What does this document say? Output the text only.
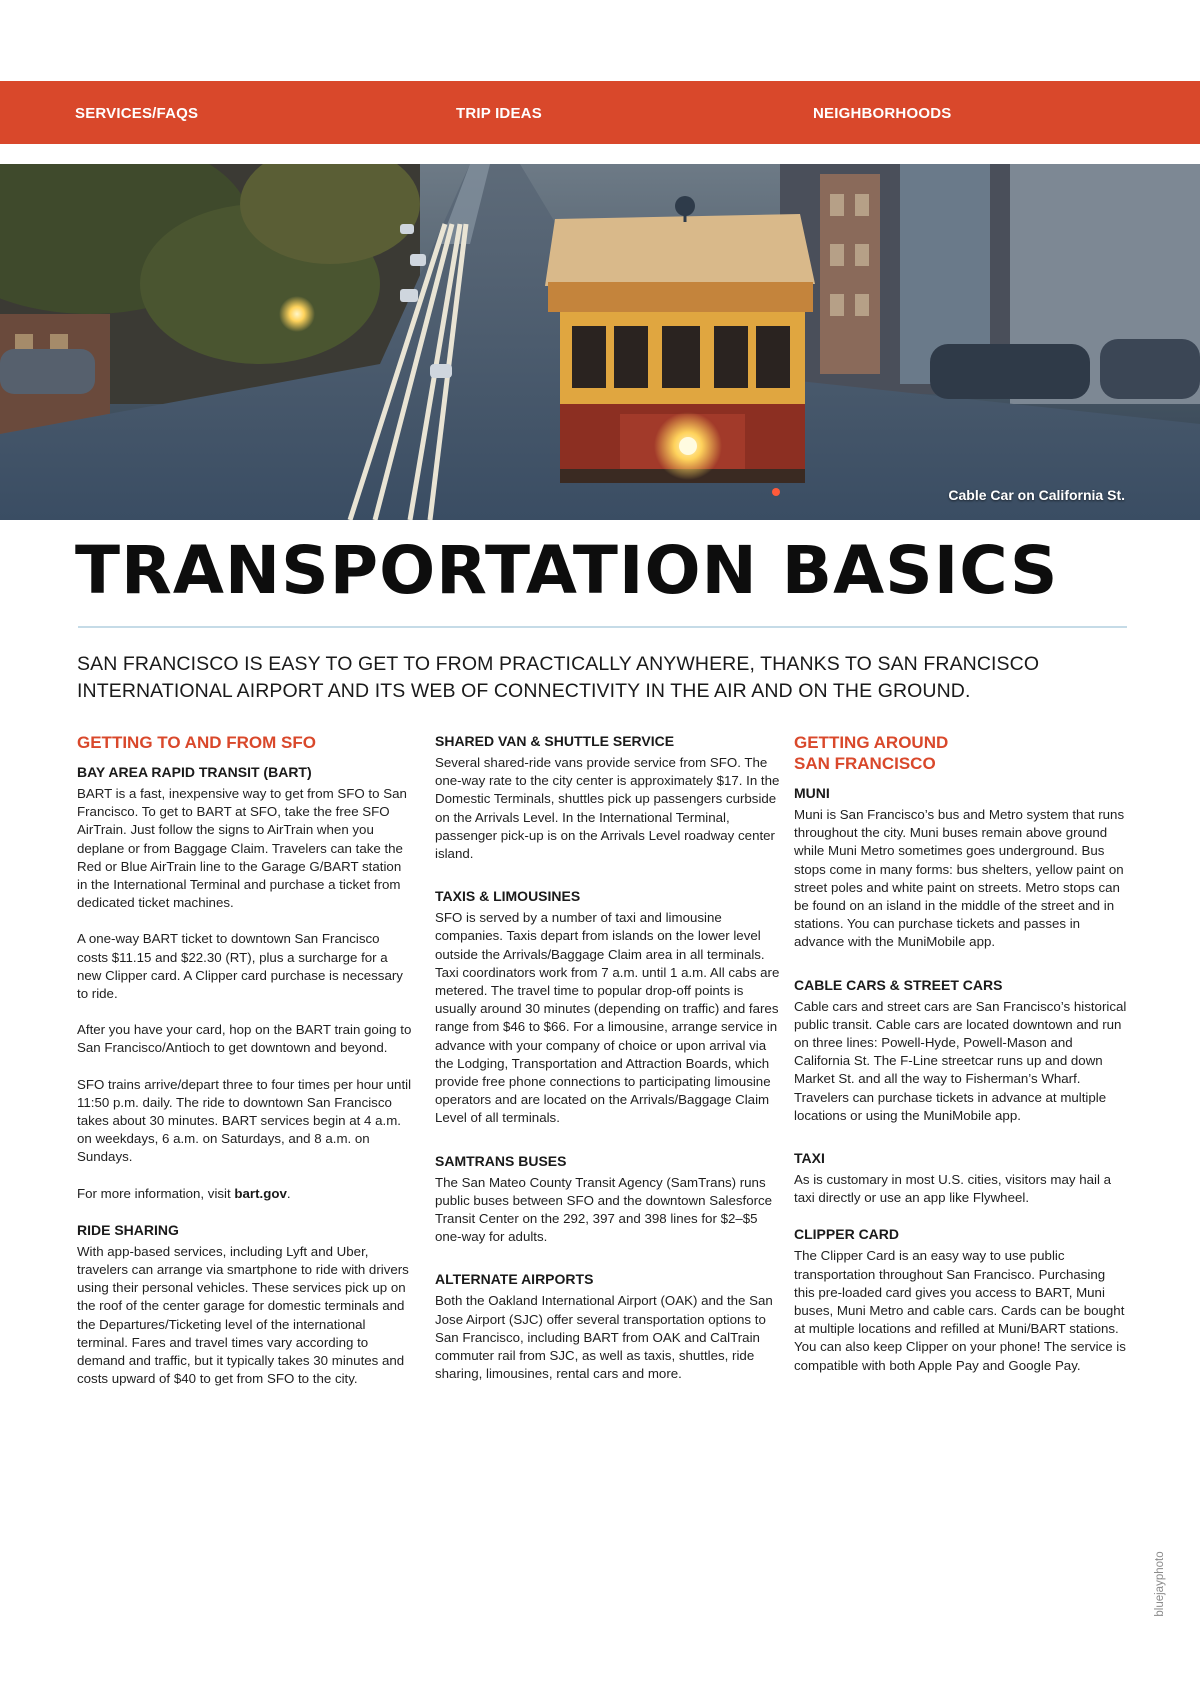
SERVICES/FAQS	TRIP IDEAS	NEIGHBORHOODS
Cable Car on California St.
TRANSPORTATION BASICS

SAN FRANCISCO IS EASY TO GET TO FROM PRACTICALLY ANYWHERE, THANKS TO SAN FRANCISCO INTERNATIONAL AIRPORT AND ITS WEB OF CONNECTIVITY IN THE AIR AND ON THE GROUND.

GETTING TO AND FROM SFO
BAY AREA RAPID TRANSIT (BART)

BART is a fast, inexpensive way to get from SFO to San Francisco. To get to BART at SFO, take the free SFO AirTrain. Just follow the signs to AirTrain when you deplane or from Baggage Claim. Travelers can take the Red or Blue AirTrain line to the Garage G/BART station in the International Terminal and purchase a ticket from dedicated ticket machines.

A one-way BART ticket to downtown San Francisco costs $11.15 and $22.30 (RT), plus a surcharge for a new Clipper card. A Clipper card purchase is necessary to ride.

After you have your card, hop on the BART train going to San Francisco/Antioch to get downtown and beyond.

SFO trains arrive/depart three to four times per hour until 11:50 p.m. daily. The ride to downtown San Francisco takes about 30 minutes. BART services begin at 4 a.m. on weekdays, 6 a.m. on Saturdays, and 8 a.m. on Sundays.

For more information, visit bart.gov.

RIDE SHARING

With app-based services, including Lyft and Uber, travelers can arrange via smartphone to ride with drivers using their personal vehicles. These services pick up on the roof of the center garage for domestic terminals and the Departures/Ticketing level of the international terminal. Fares and travel times vary according to demand and traffic, but it typically takes 30 minutes and costs upward of $40 to get from SFO to the city.

SHARED VAN & SHUTTLE SERVICE

Several shared-ride vans provide service from SFO. The one-way rate to the city center is approximately $17. In the Domestic Terminals, shuttles pick up passengers curbside on the Arrivals Level. In the International Terminal, passenger pick-up is on the Arrivals Level roadway center island.

TAXIS & LIMOUSINES

SFO is served by a number of taxi and limousine companies. Taxis depart from islands on the lower level outside the Arrivals/Baggage Claim area in all terminals. Taxi coordinators work from 7 a.m. until 1 a.m. All cabs are metered. The travel time to popular drop-off points is usually around 30 minutes (depending on traffic) and fares range from $46 to $66. For a limousine, arrange service in advance with your company of choice or upon arrival via the Lodging, Transportation and Attraction Boards, which provide free phone connections to participating limousine operators and are located on the Arrivals/Baggage Claim Level of all terminals.

SAMTRANS BUSES

The San Mateo County Transit Agency (SamTrans) runs public buses between SFO and the downtown Salesforce Transit Center on the 292, 397 and 398 lines for $2–$5 one-way for adults.

ALTERNATE AIRPORTS

Both the Oakland International Airport (OAK) and the San Jose Airport (SJC) offer several transportation options to San Francisco, including BART from OAK and CalTrain commuter rail from SJC, as well as taxis, shuttles, ride sharing, limousines, rental cars and more.

GETTING AROUND
SAN FRANCISCO
MUNI

Muni is San Francisco’s bus and Metro system that runs throughout the city. Muni buses remain above ground while Muni Metro sometimes goes underground. Bus stops come in many forms: bus shelters, yellow paint on street poles and white paint on streets. Metro stops can be found on an island in the middle of the street and in stations. You can purchase tickets and passes in advance with the MuniMobile app.

CABLE CARS & STREET CARS

Cable cars and street cars are San Francisco’s historical public transit. Cable cars are located downtown and run on three lines: Powell-Hyde, Powell-Mason and California St. The F-Line streetcar runs up and down Market St. and all the way to Fisherman’s Wharf. Travelers can purchase tickets in advance at multiple locations or using the MuniMobile app.

TAXI

As is customary in most U.S. cities, visitors may hail a taxi directly or use an app like Flywheel.

CLIPPER CARD

The Clipper Card is an easy way to use public transportation throughout San Francisco. Purchasing this pre-loaded card gives you access to BART, Muni buses, Muni Metro and cable cars. Cards can be bought at multiple locations and refilled at Muni/BART stations. You can also keep Clipper on your phone! The service is compatible with both Apple Pay and Google Pay.

bluejayphoto
